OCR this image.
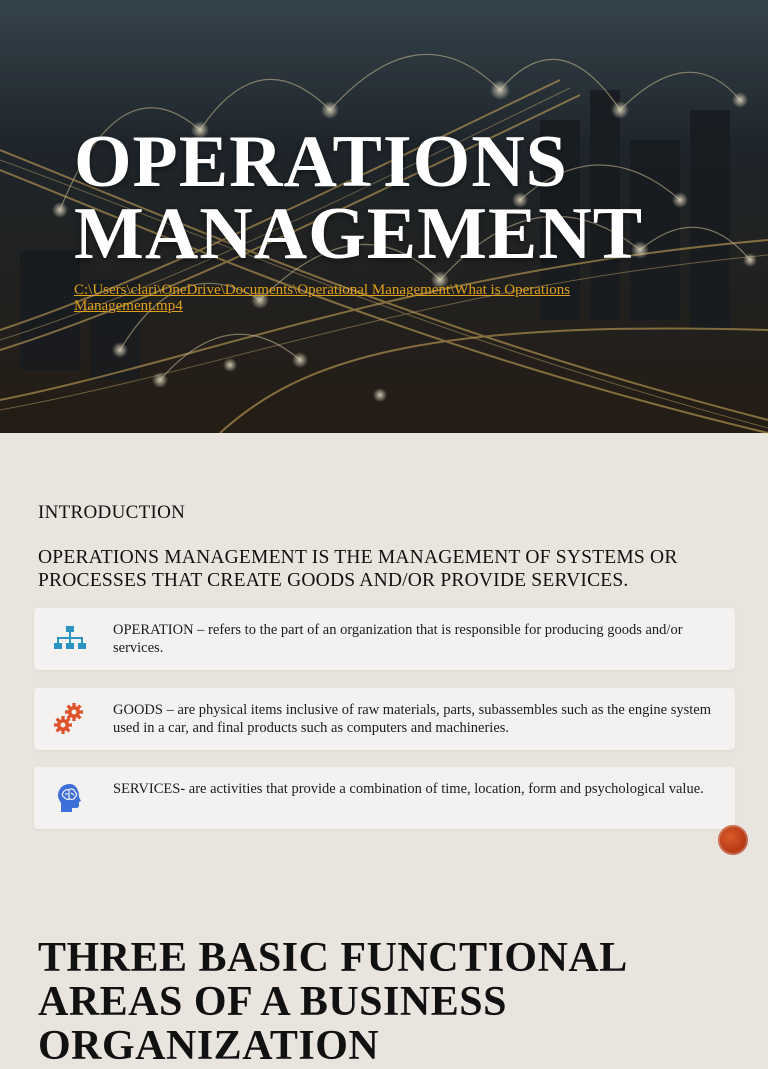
OPERATIONS
MANAGEMENT
C:\Users\clari\OneDrive\Documents\Operational Management\What is Operations Management.mp4
INTRODUCTION
OPERATIONS MANAGEMENT IS THE MANAGEMENT OF SYSTEMS OR PROCESSES THAT CREATE GOODS AND/OR PROVIDE SERVICES.
OPERATION – refers to the part of an organization that is responsible for producing goods and/or services.
GOODS – are physical items inclusive of raw materials, parts, subassembles such as the engine system used in a car, and final products such as computers and machineries.
SERVICES- are activities that provide a combination of time, location, form and psychological value.
THREE BASIC FUNCTIONAL AREAS OF A BUSINESS ORGANIZATION
